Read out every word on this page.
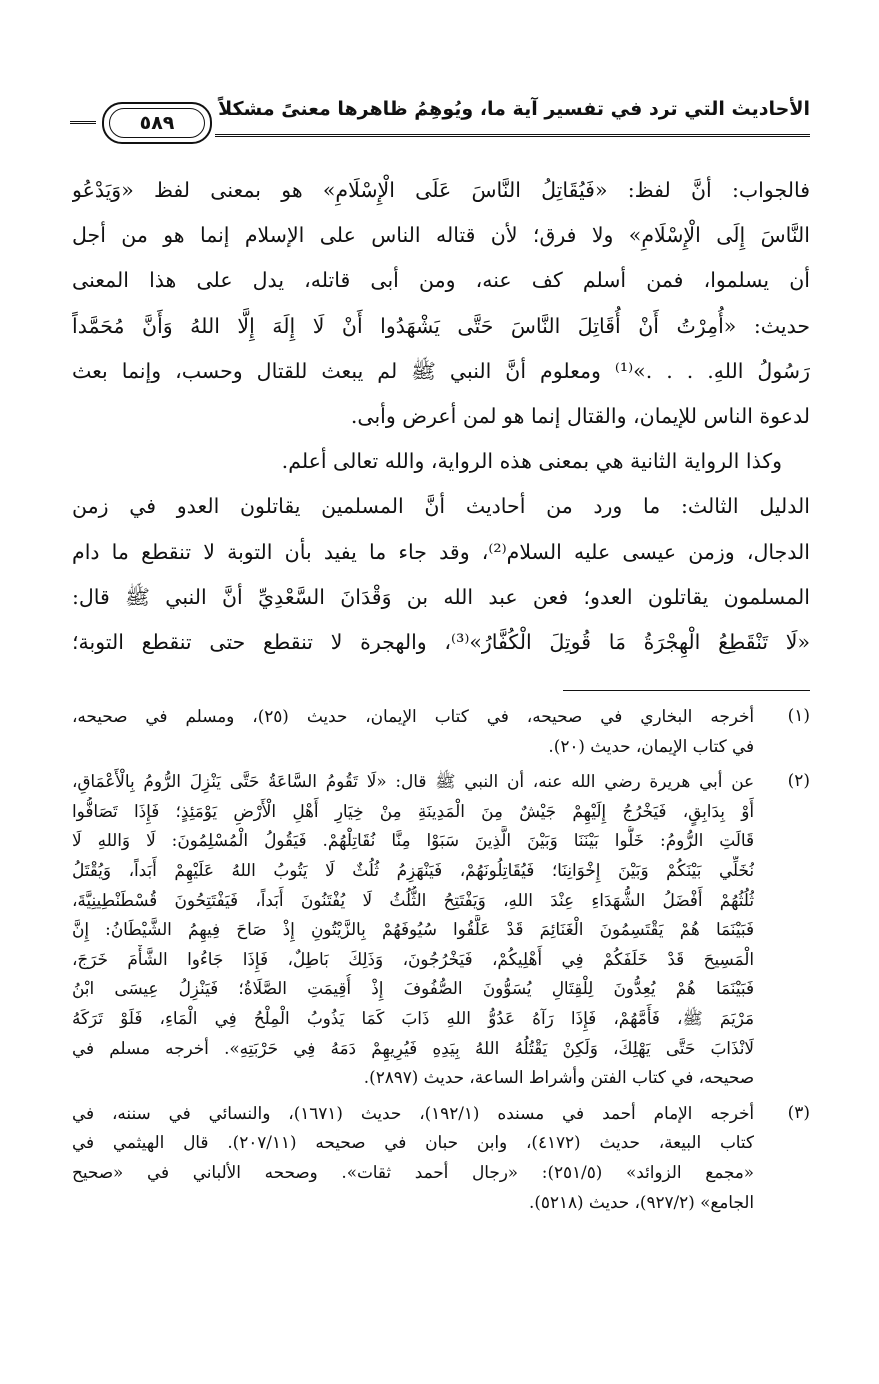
الأحاديث التي ترد في تفسير آية ما، ويُوهِمُ ظاهرها معنىً مشكلاً
٥٨٩
فالجواب: أنَّ لفظ: «فَيُقَاتِلُ النَّاسَ عَلَى الْإِسْلَامِ» هو بمعنى لفظ «وَيَدْعُو
النَّاسَ إِلَى الْإِسْلَامِ» ولا فرق؛ لأن قتاله الناس على الإسلام إنما هو من أجل
أن يسلموا، فمن أسلم كف عنه، ومن أبى قاتله، يدل على هذا المعنى
حديث: «أُمِرْتُ أَنْ أُقَاتِلَ النَّاسَ حَتَّى يَشْهَدُوا أَنْ لَا إِلَهَ إِلَّا اللهُ وَأَنَّ مُحَمَّداً
رَسُولُ اللهِ. . . .»⁽¹⁾ ومعلوم أنَّ النبي ﷺ لم يبعث للقتال وحسب، وإنما بعث
لدعوة الناس للإيمان، والقتال إنما هو لمن أعرض وأبى.
وكذا الرواية الثانية هي بمعنى هذه الرواية، والله تعالى أعلم.
الدليل الثالث: ما ورد من أحاديث أنَّ المسلمين يقاتلون العدو في زمن
الدجال، وزمن عيسى عليه السلام⁽²⁾، وقد جاء ما يفيد بأن التوبة لا تنقطع ما دام
المسلمون يقاتلون العدو؛ فعن عبد الله بن وَقْدَانَ السَّعْدِيِّ أنَّ النبي ﷺ قال:
«لَا تَنْقَطِعُ الْهِجْرَةُ مَا قُوتِلَ الْكُفَّارُ»⁽³⁾، والهجرة لا تنقطع حتى تنقطع التوبة؛
(١)
أخرجه البخاري في صحيحه، في كتاب الإيمان، حديث (٢٥)، ومسلم في صحيحه،
في كتاب الإيمان، حديث (٢٠).
(٢)
عن أبي هريرة رضي الله عنه، أن النبي ﷺ قال: «لَا تَقُومُ السَّاعَةُ حَتَّى يَنْزِلَ الرُّومُ بِالْأَعْمَاقِ،
أَوْ بِدَابِقٍ، فَيَخْرُجُ إِلَيْهِمْ جَيْشٌ مِنَ الْمَدِينَةِ مِنْ خِيَارِ أَهْلِ الْأَرْضِ يَوْمَئِذٍ؛ فَإِذَا تَصَافُّوا
قَالَتِ الرُّومُ: خَلُّوا بَيْنَنَا وَبَيْنَ الَّذِينَ سَبَوْا مِنَّا نُقَاتِلْهُمْ. فَيَقُولُ الْمُسْلِمُونَ: لَا وَاللهِ لَا
نُخَلِّي بَيْنَكُمْ وَبَيْنَ إِخْوَانِنَا؛ فَيُقَاتِلُونَهُمْ، فَيَنْهَزِمُ ثُلُثٌ لَا يَتُوبُ اللهُ عَلَيْهِمْ أَبَداً، وَيُقْتَلُ
ثُلُثُهُمْ أَفْضَلُ الشُّهَدَاءِ عِنْدَ اللهِ، وَيَفْتَتِحُ الثُّلُثُ لَا يُفْتَنُونَ أَبَداً، فَيَفْتَتِحُونَ قُسْطَنْطِينِيَّةَ،
فَبَيْنَمَا هُمْ يَقْتَسِمُونَ الْغَنَائِمَ قَدْ عَلَّقُوا سُيُوفَهُمْ بِالزَّيْتُونِ إِذْ صَاحَ فِيهِمُ الشَّيْطَانُ: إِنَّ
الْمَسِيحَ قَدْ خَلَفَكُمْ فِي أَهْلِيكُمْ، فَيَخْرُجُونَ، وَذَلِكَ بَاطِلٌ، فَإِذَا جَاءُوا الشَّأْمَ خَرَجَ،
فَبَيْنَمَا هُمْ يُعِدُّونَ لِلْقِتَالِ يُسَوُّونَ الصُّفُوفَ إِذْ أُقِيمَتِ الصَّلَاةُ؛ فَيَنْزِلُ عِيسَى ابْنُ
مَرْيَمَ ﷺ، فَأَمَّهُمْ، فَإِذَا رَآهُ عَدُوُّ اللهِ ذَابَ كَمَا يَذُوبُ الْمِلْحُ فِي الْمَاءِ، فَلَوْ تَرَكَهُ
لَانْذَابَ حَتَّى يَهْلِكَ، وَلَكِنْ يَقْتُلُهُ اللهُ بِيَدِهِ فَيُرِيهِمْ دَمَهُ فِي حَرْبَتِهِ». أخرجه مسلم في
صحيحه، في كتاب الفتن وأشراط الساعة، حديث (٢٨٩٧).
(٣)
أخرجه الإمام أحمد في مسنده (١٩٢/١)، حديث (١٦٧١)، والنسائي في سننه، في
كتاب البيعة، حديث (٤١٧٢)، وابن حبان في صحيحه (٢٠٧/١١). قال الهيثمي في
«مجمع الزوائد» (٢٥١/٥): «رجال أحمد ثقات». وصححه الألباني في «صحيح
الجامع» (٩٢٧/٢)، حديث (٥٢١٨).
